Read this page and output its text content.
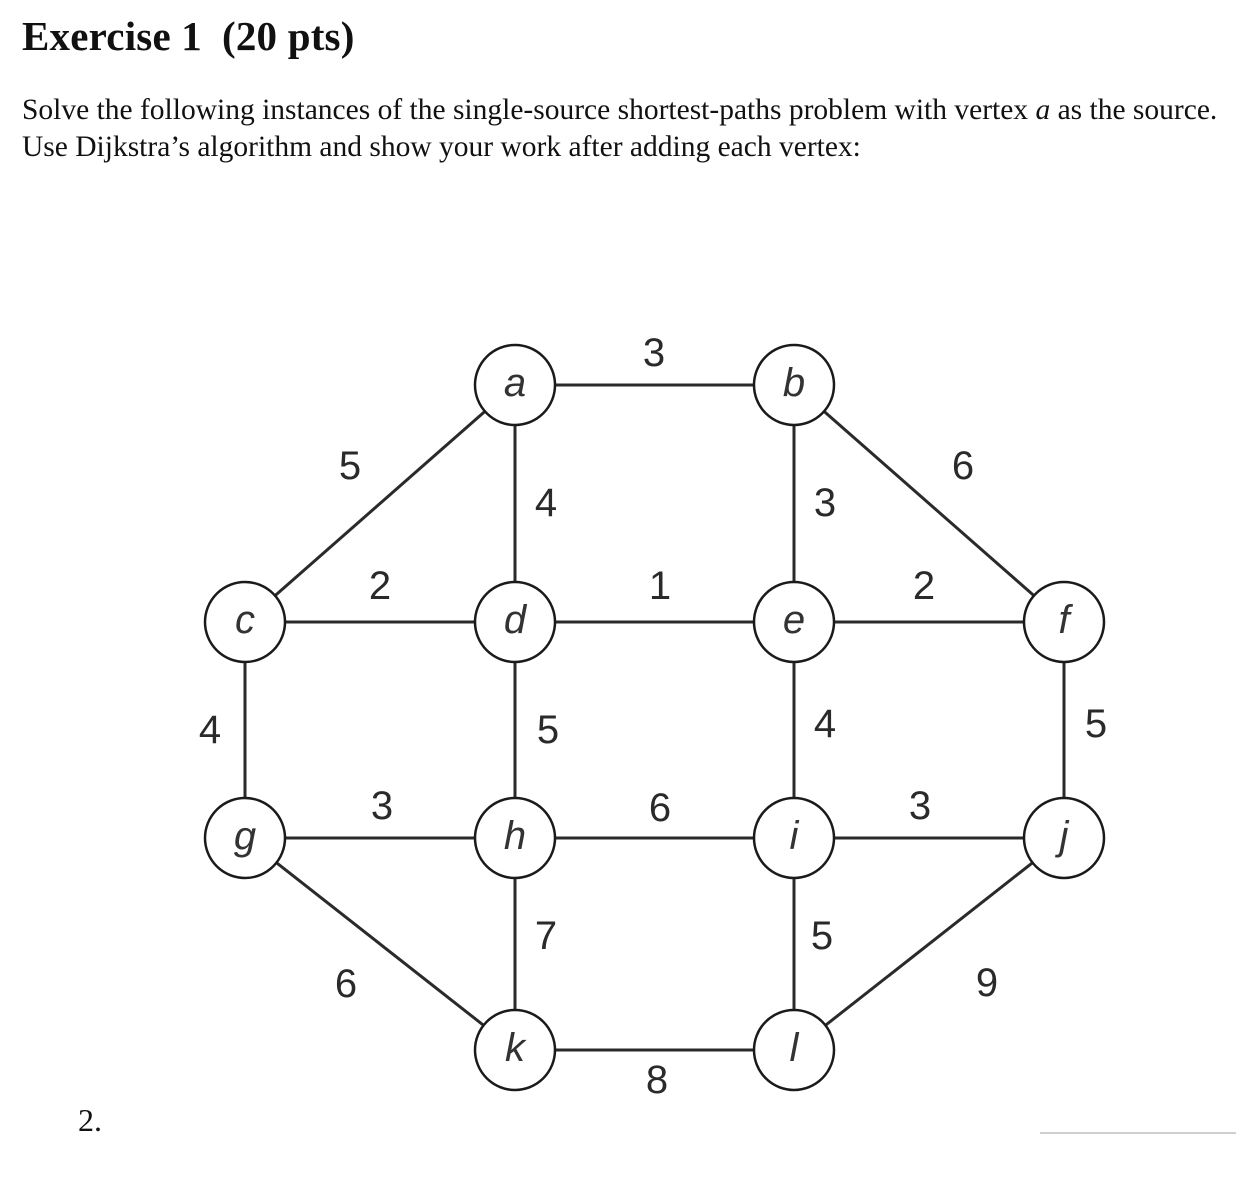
Exercise 1 (20 pts)

Solve the following instances of the single-source shortest-paths problem with vertex a as the source. Use Dijkstra’s algorithm and show your work after adding each vertex:

3
5
4	3
6
2	1	2
4	5	4	5
3	6	3
6
7	5
9
8
a	b
c	d	e	f
g	h	i	j
k	l
2.
